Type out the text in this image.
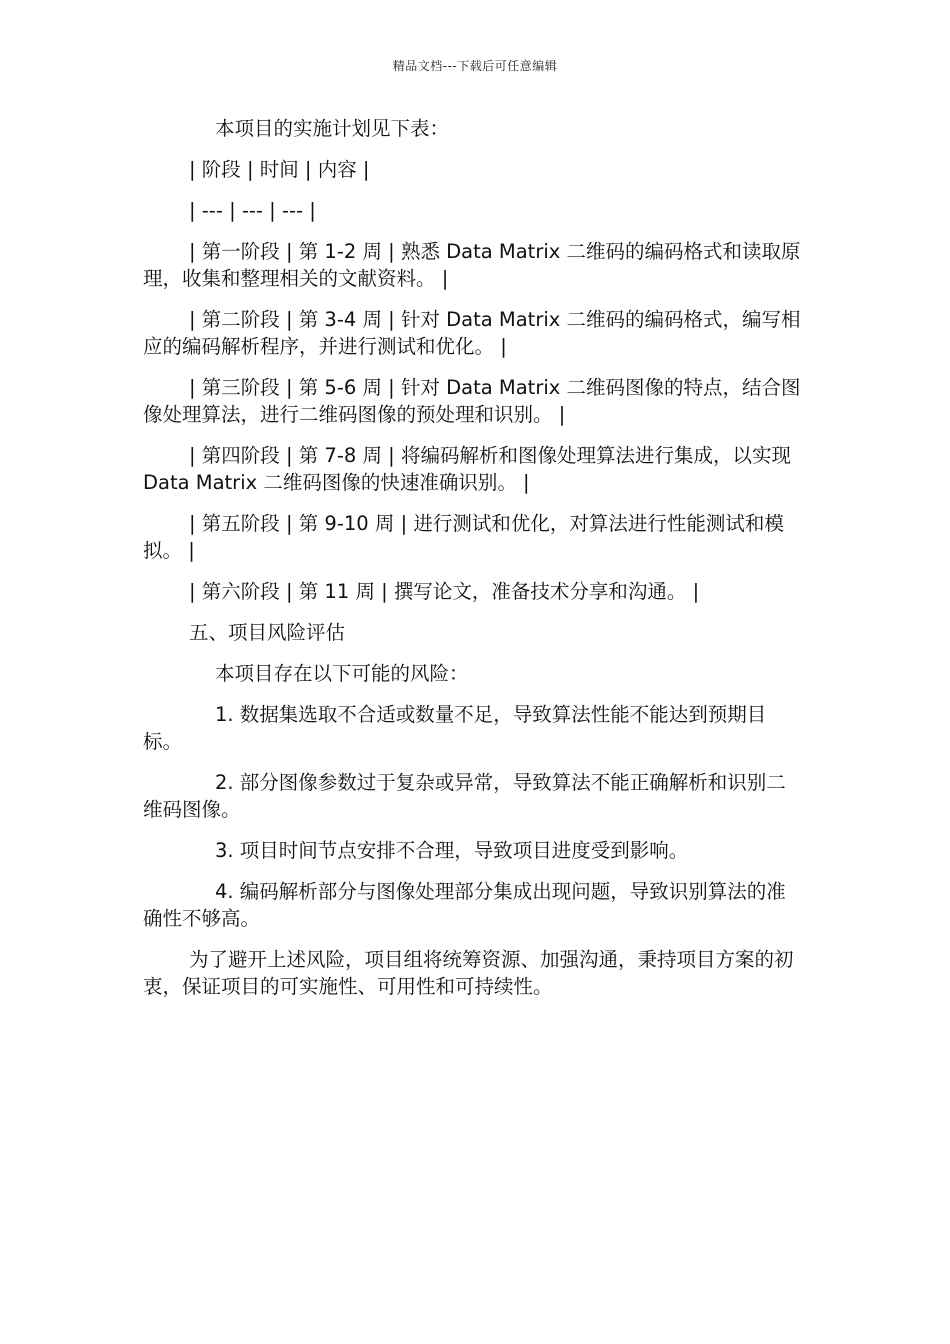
精品文档---下载后可任意编辑

本项目的实施计划见下表：

| 阶段 | 时间 | 内容 |

| --- | --- | --- |

| 第一阶段 | 第 1-2 周 | 熟悉 Data Matrix 二维码的编码格式和读取原理，收集和整理相关的文献资料。 |

| 第二阶段 | 第 3-4 周 | 针对 Data Matrix 二维码的编码格式，编写相应的编码解析程序，并进行测试和优化。 |

| 第三阶段 | 第 5-6 周 | 针对 Data Matrix 二维码图像的特点，结合图像处理算法，进行二维码图像的预处理和识别。 |

| 第四阶段 | 第 7-8 周 | 将编码解析和图像处理算法进行集成，以实现 Data Matrix 二维码图像的快速准确识别。 |

| 第五阶段 | 第 9-10 周 | 进行测试和优化，对算法进行性能测试和模拟。 |

| 第六阶段 | 第 11 周 | 撰写论文，准备技术分享和沟通。 |

五、项目风险评估

本项目存在以下可能的风险：

1. 数据集选取不合适或数量不足，导致算法性能不能达到预期目标。

2. 部分图像参数过于复杂或异常，导致算法不能正确解析和识别二维码图像。

3. 项目时间节点安排不合理，导致项目进度受到影响。

4. 编码解析部分与图像处理部分集成出现问题，导致识别算法的准确性不够高。

为了避开上述风险，项目组将统筹资源、加强沟通，秉持项目方案的初衷，保证项目的可实施性、可用性和可持续性。
